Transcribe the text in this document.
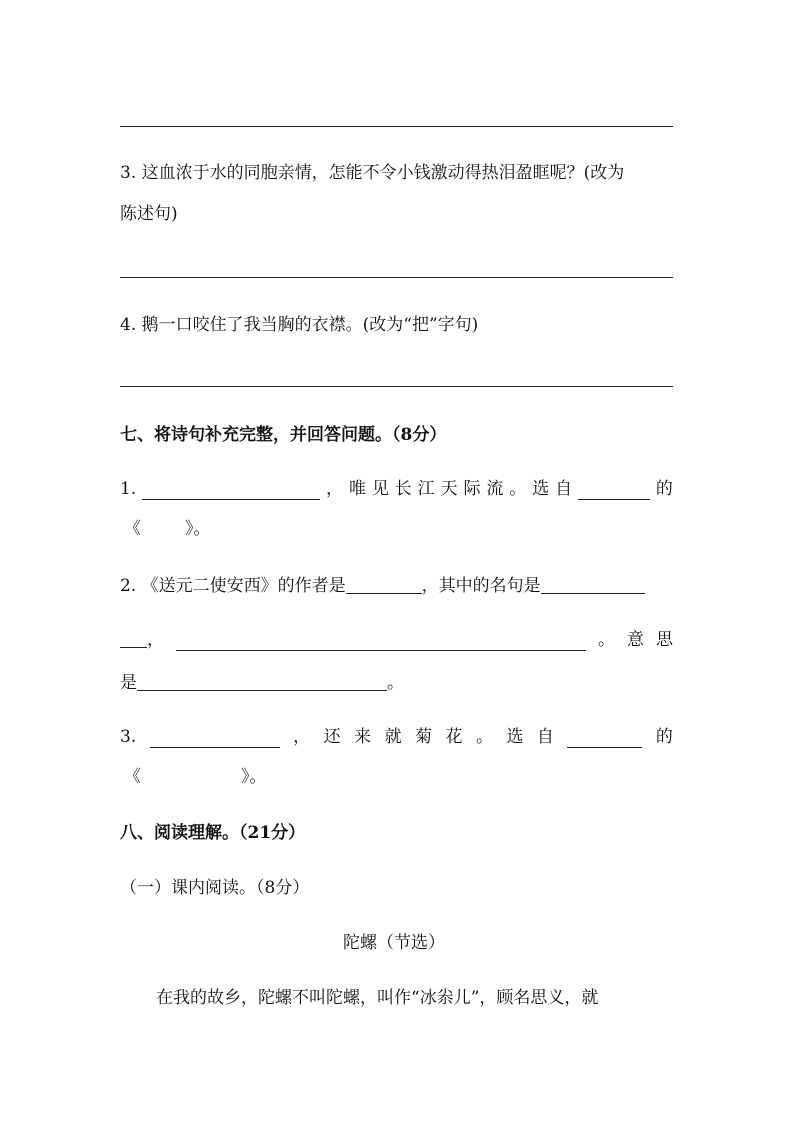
3. 这血浓于水的同胞亲情，怎能不令小钱激动得热泪盈眶呢？(改为
陈述句)
4. 鹅一口咬住了我当胸的衣襟。(改为“把”字句)
七、将诗句补充完整，并回答问题。（8分）
1.	， 唯 见 长 江 天 际 流 。 选 自	的
《	》。
2. 《送元二使安西》的作者是	，其中的名句是
，	。 意 思
是	。
3.	， 还 来 就 菊 花 。 选 自	的
《	》。
八、阅读理解。（21分）
（一）课内阅读。（8分）
陀螺（节选）
在我的故乡，陀螺不叫陀螺，叫作“冰尜儿”，顾名思义，就
